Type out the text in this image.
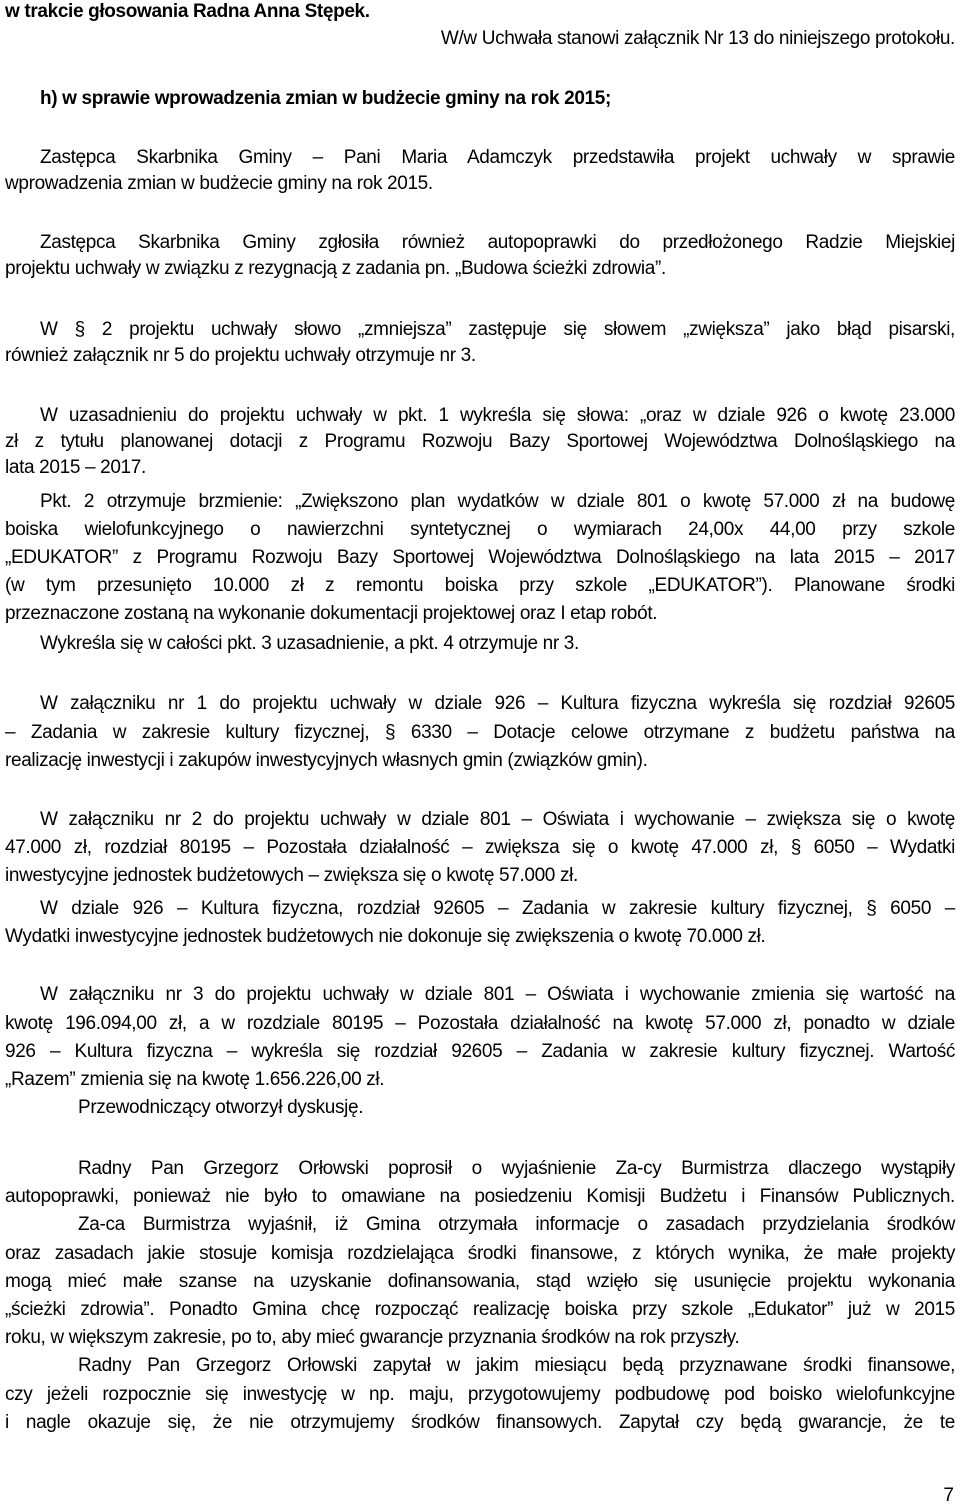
w trakcie głosowania Radna Anna Stępek.
W/w Uchwała stanowi załącznik Nr 13 do niniejszego protokołu.
h) w sprawie wprowadzenia zmian w budżecie gminy na rok 2015;
Zastępca Skarbnika Gminy – Pani Maria Adamczyk przedstawiła projekt uchwały w sprawie
wprowadzenia zmian w budżecie gminy na rok 2015.
Zastępca Skarbnika Gminy zgłosiła również autopoprawki do przedłożonego Radzie Miejskiej
projektu uchwały w związku z rezygnacją z zadania pn. „Budowa ścieżki zdrowia”.
W § 2 projektu uchwały słowo „zmniejsza” zastępuje się słowem „zwiększa” jako błąd pisarski,
również załącznik nr 5 do projektu uchwały otrzymuje nr 3.
W uzasadnieniu do projektu uchwały w pkt. 1 wykreśla się słowa: „oraz w dziale 926 o kwotę 23.000
zł z tytułu planowanej dotacji z Programu Rozwoju Bazy Sportowej Województwa Dolnośląskiego na
lata 2015 – 2017.
Pkt. 2 otrzymuje brzmienie: „Zwiększono plan wydatków w dziale 801 o kwotę 57.000 zł na budowę
boiska wielofunkcyjnego o nawierzchni syntetycznej o wymiarach 24,00x 44,00 przy szkole
„EDUKATOR” z Programu Rozwoju Bazy Sportowej Województwa Dolnośląskiego na lata 2015 – 2017
(w tym przesunięto 10.000 zł z remontu boiska przy szkole „EDUKATOR”). Planowane środki
przeznaczone zostaną na wykonanie dokumentacji projektowej oraz I etap robót.
Wykreśla się w całości pkt. 3 uzasadnienie, a pkt. 4 otrzymuje nr 3.
W załączniku nr 1 do projektu uchwały w dziale 926 – Kultura fizyczna wykreśla się rozdział 92605
– Zadania w zakresie kultury fizycznej, § 6330 – Dotacje celowe otrzymane z budżetu państwa na
realizację inwestycji i zakupów inwestycyjnych własnych gmin (związków gmin).
W załączniku nr 2 do projektu uchwały w dziale 801 – Oświata i wychowanie – zwiększa się o kwotę
47.000 zł, rozdział 80195 – Pozostała działalność – zwiększa się o kwotę 47.000 zł, § 6050 – Wydatki
inwestycyjne jednostek budżetowych – zwiększa się o kwotę 57.000 zł.
W dziale 926 – Kultura fizyczna, rozdział 92605 – Zadania w zakresie kultury fizycznej, § 6050 –
Wydatki inwestycyjne jednostek budżetowych nie dokonuje się zwiększenia o kwotę 70.000 zł.
W załączniku nr 3 do projektu uchwały w dziale 801 – Oświata i wychowanie zmienia się wartość na
kwotę 196.094,00 zł, a w rozdziale 80195 – Pozostała działalność na kwotę 57.000 zł, ponadto w dziale
926 – Kultura fizyczna – wykreśla się rozdział 92605 – Zadania w zakresie kultury fizycznej. Wartość
„Razem” zmienia się na kwotę 1.656.226,00 zł.
Przewodniczący otworzył dyskusję.
Radny Pan Grzegorz Orłowski poprosił o wyjaśnienie Za-cy Burmistrza dlaczego wystąpiły
autopoprawki, ponieważ nie było to omawiane na posiedzeniu Komisji Budżetu i Finansów Publicznych.
Za-ca Burmistrza wyjaśnił, iż Gmina otrzymała informacje o zasadach przydzielania środków
oraz zasadach jakie stosuje komisja rozdzielająca środki finansowe, z których wynika, że małe projekty
mogą mieć małe szanse na uzyskanie dofinansowania, stąd wzięło się usunięcie projektu wykonania
„ścieżki zdrowia”. Ponadto Gmina chcę rozpocząć realizację boiska przy szkole „Edukator” już w 2015
roku, w większym zakresie, po to, aby mieć gwarancje przyznania środków na rok przyszły.
Radny Pan Grzegorz Orłowski zapytał w jakim miesiącu będą przyznawane środki finansowe,
czy jeżeli rozpocznie się inwestycję w np. maju, przygotowujemy podbudowę pod boisko wielofunkcyjne
i nagle okazuje się, że nie otrzymujemy środków finansowych. Zapytał czy będą gwarancje, że te
7
